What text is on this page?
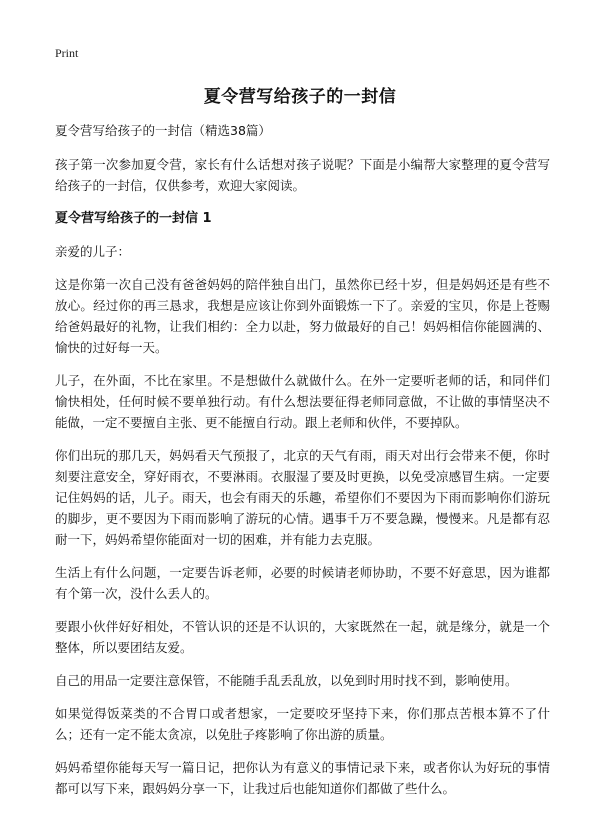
Print
夏令营写给孩子的一封信

夏令营写给孩子的一封信（精选38篇）

孩子第一次参加夏令营，家长有什么话想对孩子说呢？下面是小编帮大家整理的夏令营写给孩子的一封信，仅供参考，欢迎大家阅读。

夏令营写给孩子的一封信 1

亲爱的儿子：

这是你第一次自己没有爸爸妈妈的陪伴独自出门，虽然你已经十岁，但是妈妈还是有些不放心。经过你的再三恳求，我想是应该让你到外面锻炼一下了。亲爱的宝贝，你是上苍赐给爸妈最好的礼物，让我们相约：全力以赴，努力做最好的自己！妈妈相信你能圆满的、愉快的过好每一天。

儿子，在外面，不比在家里。不是想做什么就做什么。在外一定要听老师的话，和同伴们愉快相处，任何时候不要单独行动。有什么想法要征得老师同意做，不让做的事情坚决不能做，一定不要擅自主张、更不能擅自行动。跟上老师和伙伴，不要掉队。

你们出玩的那几天，妈妈看天气预报了，北京的天气有雨，雨天对出行会带来不便，你时刻要注意安全，穿好雨衣，不要淋雨。衣服湿了要及时更换，以免受凉感冒生病。一定要记住妈妈的话，儿子。雨天，也会有雨天的乐趣，希望你们不要因为下雨而影响你们游玩的脚步，更不要因为下雨而影响了游玩的心情。遇事千万不要急躁，慢慢来。凡是都有忍耐一下，妈妈希望你能面对一切的困难，并有能力去克服。

生活上有什么问题，一定要告诉老师，必要的时候请老师协助，不要不好意思，因为谁都有个第一次，没什么丢人的。

要跟小伙伴好好相处，不管认识的还是不认识的，大家既然在一起，就是缘分，就是一个整体，所以要团结友爱。

自己的用品一定要注意保管，不能随手乱丢乱放，以免到时用时找不到，影响使用。

如果觉得饭菜类的不合胃口或者想家，一定要咬牙坚持下来，你们那点苦根本算不了什么；还有一定不能太贪凉，以免肚子疼影响了你出游的质量。

妈妈希望你能每天写一篇日记，把你认为有意义的事情记录下来，或者你认为好玩的事情都可以写下来，跟妈妈分享一下，让我过后也能知道你们都做了些什么。
